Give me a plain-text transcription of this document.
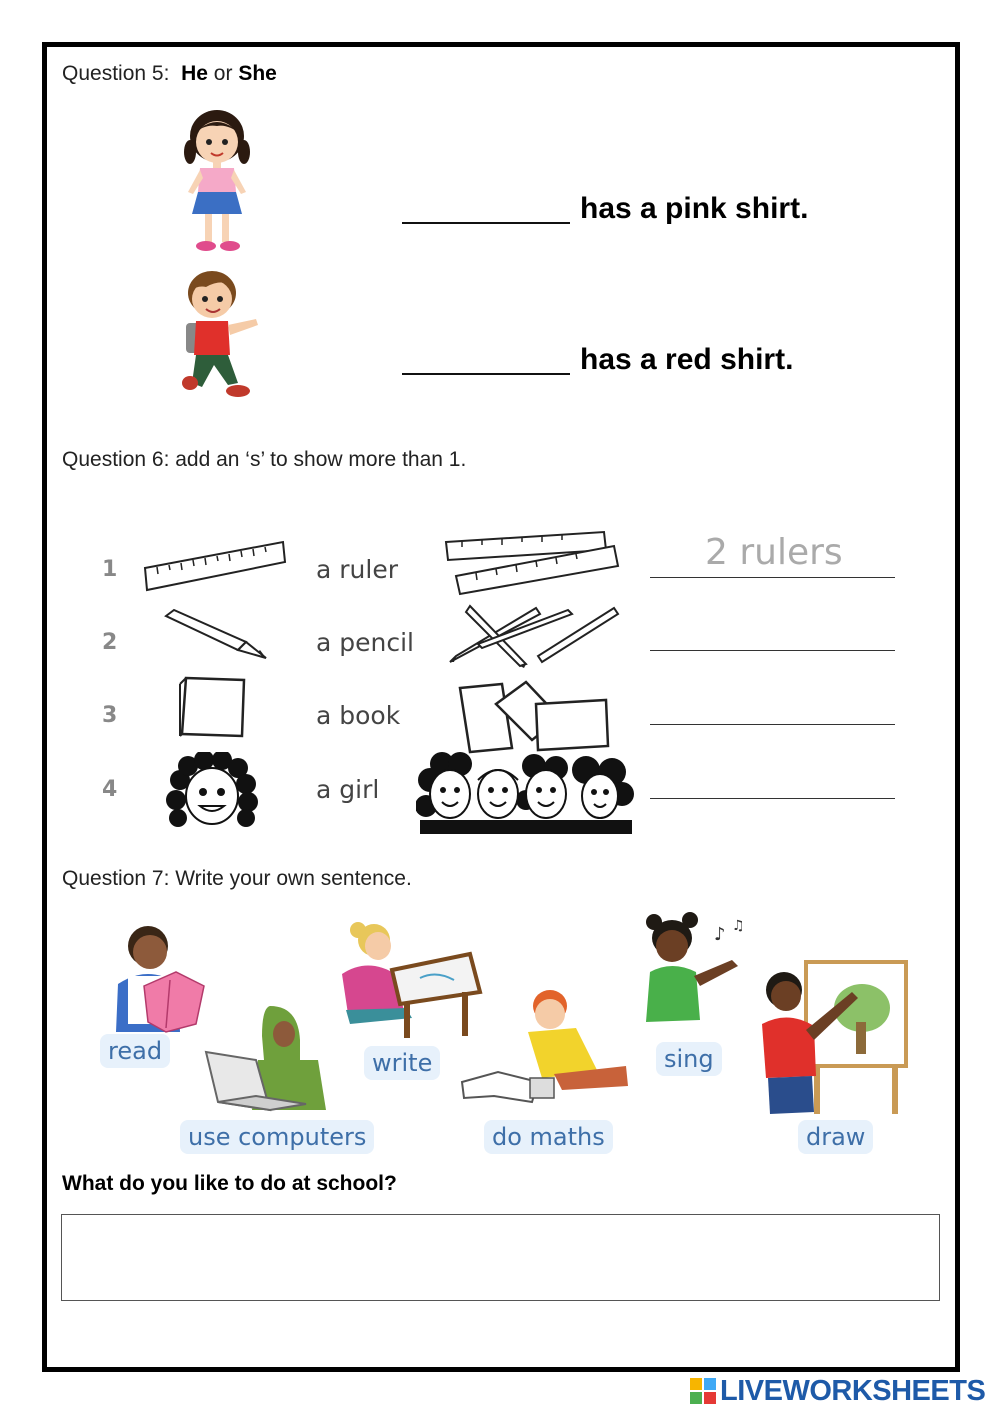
Question 5: He or She
has a pink shirt.
has a red shirt.
Question 6: add an ‘s’ to show more than 1.
1	a ruler	2 rulers
2	a pencil
3	a book
4	a girl
Question 7: Write your own sentence.
read
use computers
write
do maths
♪ ♫
sing
draw
What do you like to do at school?
LIVEWORKSHEETS
